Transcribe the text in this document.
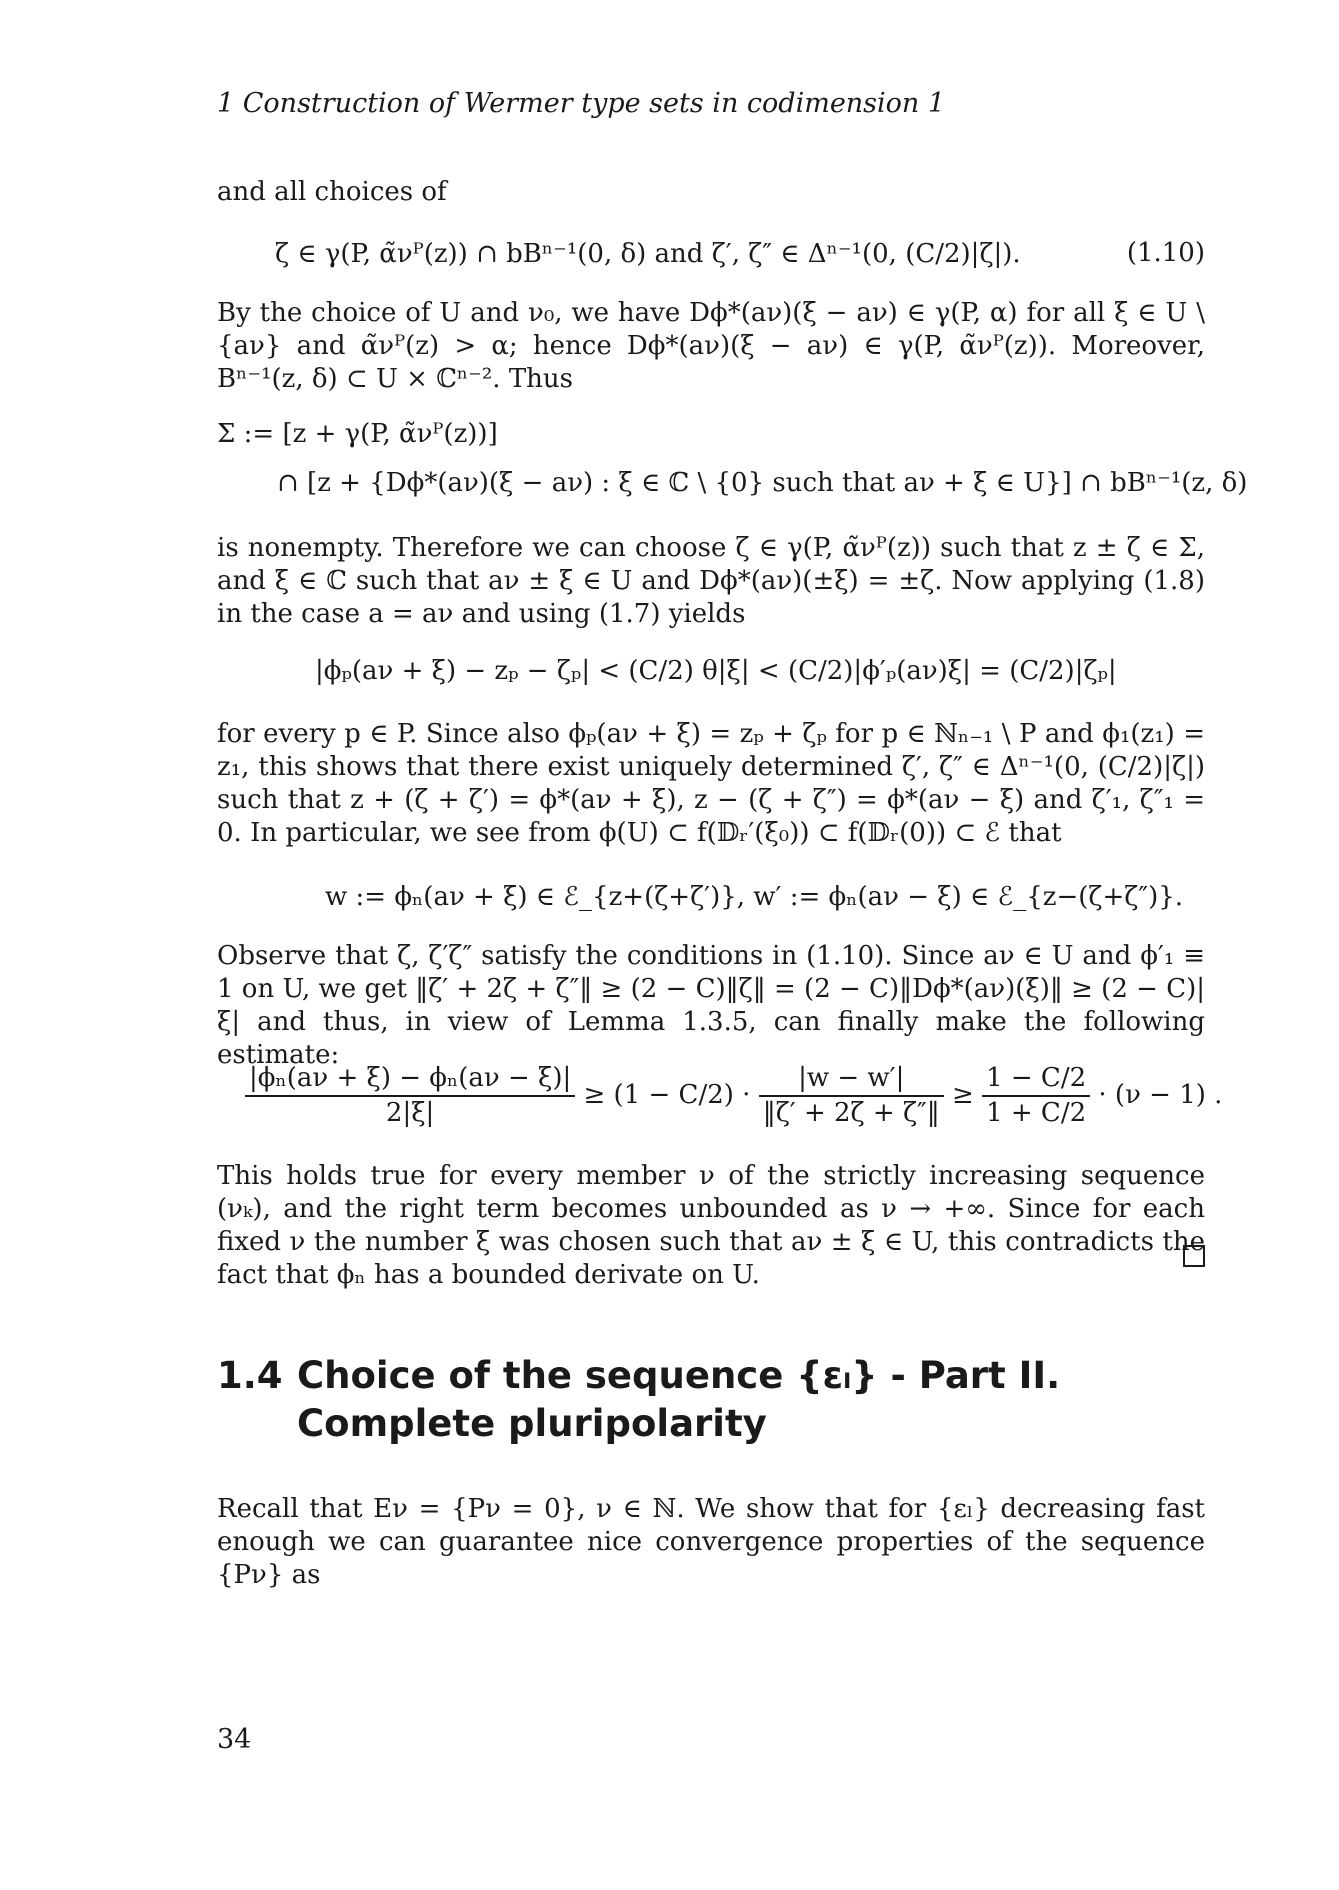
1 Construction of Wermer type sets in codimension 1
and all choices of
ζ ∈ γ(P, α̃νᴾ(z)) ∩ bBⁿ⁻¹(0, δ) and ζ′, ζ″ ∈ Δⁿ⁻¹(0, (C/2)|ζ|).	(1.10)
By the choice of U and ν₀, we have Dϕ*(aν)(ξ − aν) ∈ γ(P, α) for all ξ ∈ U \ {aν} and α̃νᴾ(z) > α; hence Dϕ*(aν)(ξ − aν) ∈ γ(P, α̃νᴾ(z)). Moreover, Bⁿ⁻¹(z, δ) ⊂ U × ℂⁿ⁻². Thus
Σ := [z + γ(P, α̃νᴾ(z))]
∩ [z + {Dϕ*(aν)(ξ − aν) : ξ ∈ ℂ \ {0} such that aν + ξ ∈ U}] ∩ bBⁿ⁻¹(z, δ)
is nonempty. Therefore we can choose ζ ∈ γ(P, α̃νᴾ(z)) such that z ± ζ ∈ Σ, and ξ ∈ ℂ such that aν ± ξ ∈ U and Dϕ*(aν)(±ξ) = ±ζ. Now applying (1.8) in the case a = aν and using (1.7) yields
|ϕₚ(aν + ξ) − zₚ − ζₚ| < (C/2) θ|ξ| < (C/2)|ϕ′ₚ(aν)ξ| = (C/2)|ζₚ|
for every p ∈ P. Since also ϕₚ(aν + ξ) = zₚ + ζₚ for p ∈ ℕₙ₋₁ \ P and ϕ₁(z₁) = z₁, this shows that there exist uniquely determined ζ′, ζ″ ∈ Δⁿ⁻¹(0, (C/2)|ζ|) such that z + (ζ + ζ′) = ϕ*(aν + ξ), z − (ζ + ζ″) = ϕ*(aν − ξ) and ζ′₁, ζ″₁ = 0. In particular, we see from ϕ(U) ⊂ f(𝔻ᵣ′(ξ₀)) ⊂ f(𝔻ᵣ(0)) ⊂ ℰ that
w := ϕₙ(aν + ξ) ∈ ℰ_{z+(ζ+ζ′)}, w′ := ϕₙ(aν − ξ) ∈ ℰ_{z−(ζ+ζ″)}.
Observe that ζ, ζ′ζ″ satisfy the conditions in (1.10). Since aν ∈ U and ϕ′₁ ≡ 1 on U, we get ‖ζ′ + 2ζ + ζ″‖ ≥ (2 − C)‖ζ‖ = (2 − C)‖Dϕ*(aν)(ξ)‖ ≥ (2 − C)|ξ| and thus, in view of Lemma 1.3.5, can finally make the following estimate:
$\frac{\text{|ϕₙ(aν + ξ) − ϕₙ(aν − ξ)|}}{2|\xi|} \ge (1 - C/2) \cdot \frac{|w - w'|}{‖\zeta' + 2\zeta + \zeta''‖} \ge \frac{1 - C/2}{1 + C/2} \cdot (\nu - 1)$ .
This holds true for every member ν of the strictly increasing sequence (νₖ), and the right term becomes unbounded as ν → +∞. Since for each fixed ν the number ξ was chosen such that aν ± ξ ∈ U, this contradicts the fact that ϕₙ has a bounded derivate on U.
1.4 Choice of the sequence {εₗ} - Part II. Complete pluripolarity
Recall that Eν = {Pν = 0}, ν ∈ ℕ. We show that for {εₗ} decreasing fast enough we can guarantee nice convergence properties of the sequence {Pν} as
34
